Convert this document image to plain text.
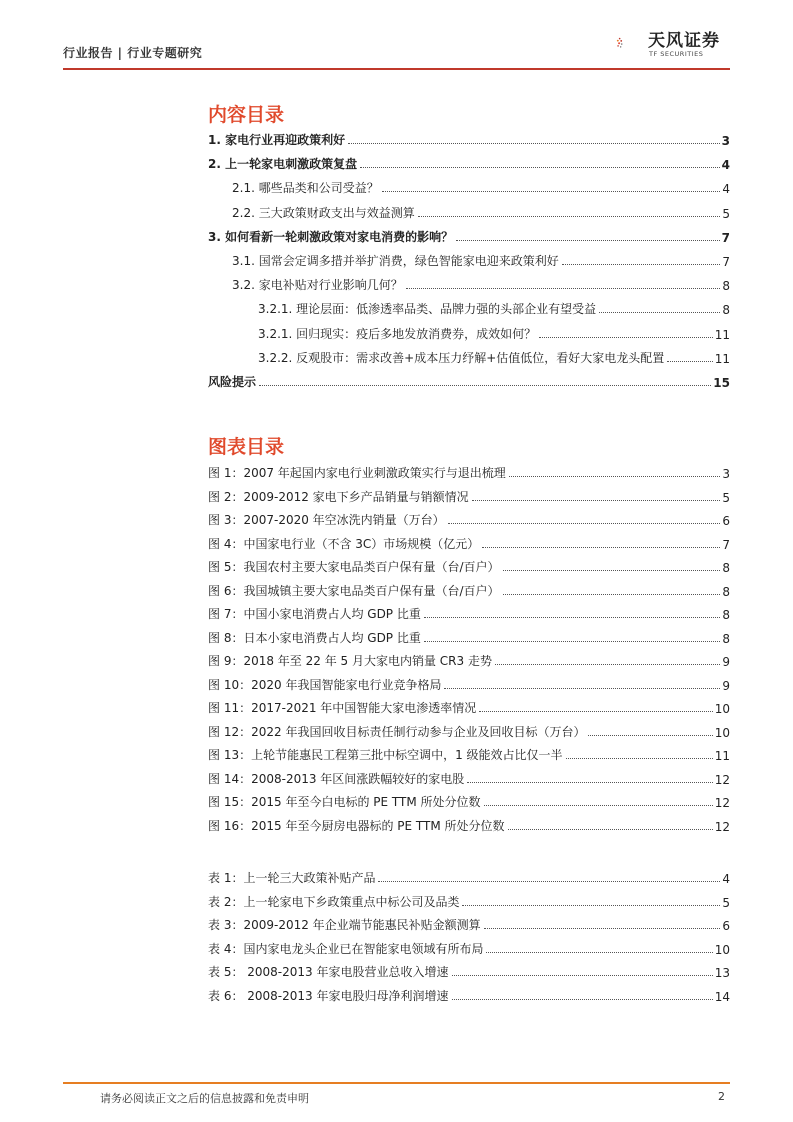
行业报告 | 行业专题研究
天风证券
TF SECURITIES
内容目录
1. 家电行业再迎政策利好	3
2. 上一轮家电刺激政策复盘	4
2.1. 哪些品类和公司受益？	4
2.2. 三大政策财政支出与效益测算	5
3. 如何看新一轮刺激政策对家电消费的影响？	7
3.1. 国常会定调多措并举扩消费，绿色智能家电迎来政策利好	7
3.2. 家电补贴对行业影响几何？	8
3.2.1. 理论层面：低渗透率品类、品牌力强的头部企业有望受益	8
3.2.1. 回归现实：疫后多地发放消费券，成效如何？	11
3.2.2. 反观股市：需求改善+成本压力纾解+估值低位，看好大家电龙头配置	11
风险提示	15
图表目录
图 1：2007 年起国内家电行业刺激政策实行与退出梳理	3
图 2：2009-2012 家电下乡产品销量与销额情况	5
图 3：2007-2020 年空冰洗内销量（万台）	6
图 4：中国家电行业（不含 3C）市场规模（亿元）	7
图 5：我国农村主要大家电品类百户保有量（台/百户）	8
图 6：我国城镇主要大家电品类百户保有量（台/百户）	8
图 7：中国小家电消费占人均 GDP 比重	8
图 8：日本小家电消费占人均 GDP 比重	8
图 9：2018 年至 22 年 5 月大家电内销量 CR3 走势	9
图 10：2020 年我国智能家电行业竞争格局	9
图 11：2017-2021 年中国智能大家电渗透率情况	10
图 12：2022 年我国回收目标责任制行动参与企业及回收目标（万台）	10
图 13：上轮节能惠民工程第三批中标空调中，1 级能效占比仅一半	11
图 14：2008-2013 年区间涨跌幅较好的家电股	12
图 15：2015 年至今白电标的 PE TTM 所处分位数	12
图 16：2015 年至今厨房电器标的 PE TTM 所处分位数	12
表 1：上一轮三大政策补贴产品	4
表 2：上一轮家电下乡政策重点中标公司及品类	5
表 3：2009-2012 年企业端节能惠民补贴金额测算	6
表 4：国内家电龙头企业已在智能家电领域有所布局	10
表 5： 2008-2013 年家电股营业总收入增速	13
表 6： 2008-2013 年家电股归母净利润增速	14
请务必阅读正文之后的信息披露和免责申明	2
